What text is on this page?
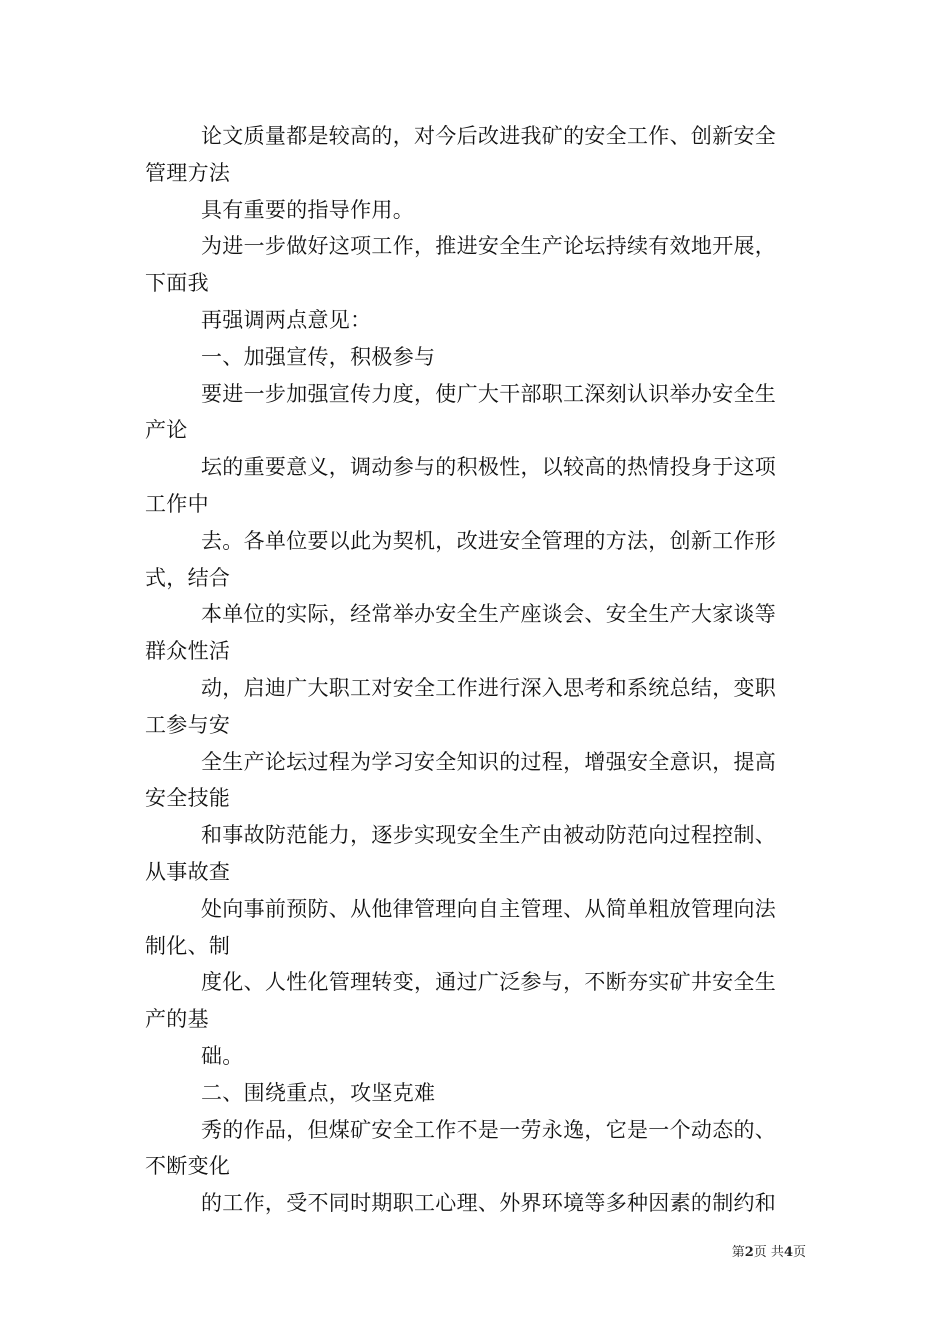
论文质量都是较高的，对今后改进我矿的安全工作、创新安全
管理方法
具有重要的指导作用。
为进一步做好这项工作，推进安全生产论坛持续有效地开展，
下面我
再强调两点意见：
一、加强宣传，积极参与
要进一步加强宣传力度，使广大干部职工深刻认识举办安全生
产论
坛的重要意义，调动参与的积极性，以较高的热情投身于这项
工作中
去。各单位要以此为契机，改进安全管理的方法，创新工作形
式，结合
本单位的实际，经常举办安全生产座谈会、安全生产大家谈等
群众性活
动，启迪广大职工对安全工作进行深入思考和系统总结，变职
工参与安
全生产论坛过程为学习安全知识的过程，增强安全意识，提高
安全技能
和事故防范能力，逐步实现安全生产由被动防范向过程控制、
从事故查
处向事前预防、从他律管理向自主管理、从简单粗放管理向法
制化、制
度化、人性化管理转变，通过广泛参与，不断夯实矿井安全生
产的基
础。
二、围绕重点，攻坚克难
秀的作品，但煤矿安全工作不是一劳永逸，它是一个动态的、
不断变化
的工作，受不同时期职工心理、外界环境等多种因素的制约和
第2页 共4页
